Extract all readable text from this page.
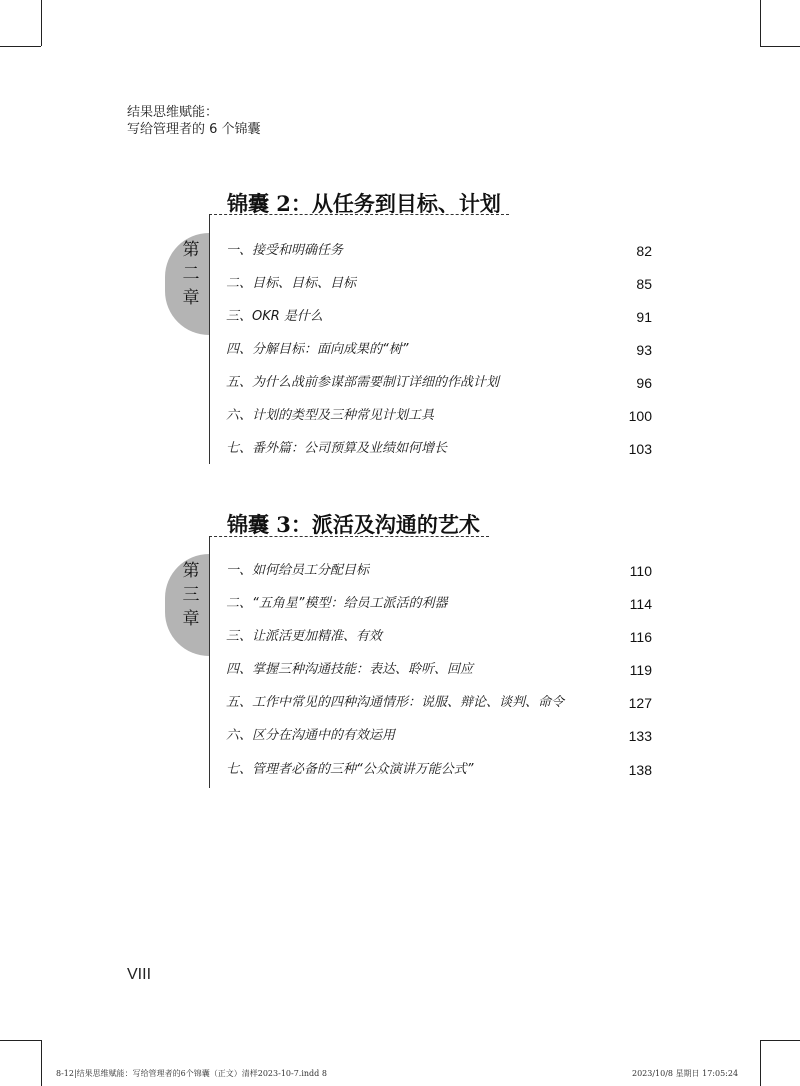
结果思维赋能：
写给管理者的 6 个锦囊
锦囊 2：从任务到目标、计划
第
二
章
一、接受和明确任务	82
二、目标、目标、目标	85
三、OKR 是什么	91
四、分解目标：面向成果的“树”	93
五、为什么战前参谋部需要制订详细的作战计划	96
六、计划的类型及三种常见计划工具	100
七、番外篇：公司预算及业绩如何增长	103
锦囊 3：派活及沟通的艺术
第
三
章
一、如何给员工分配目标	110
二、“五角星”模型：给员工派活的利器	114
三、让派活更加精准、有效	116
四、掌握三种沟通技能：表达、聆听、回应	119
五、工作中常见的四种沟通情形：说服、辩论、谈判、命令	127
六、区分在沟通中的有效运用	133
七、管理者必备的三种“公众演讲万能公式”	138
VIII
8-12|结果思维赋能：写给管理者的6个锦囊（正文）清样2023-10-7.indd 8	2023/10/8 星期日 17:05:24
